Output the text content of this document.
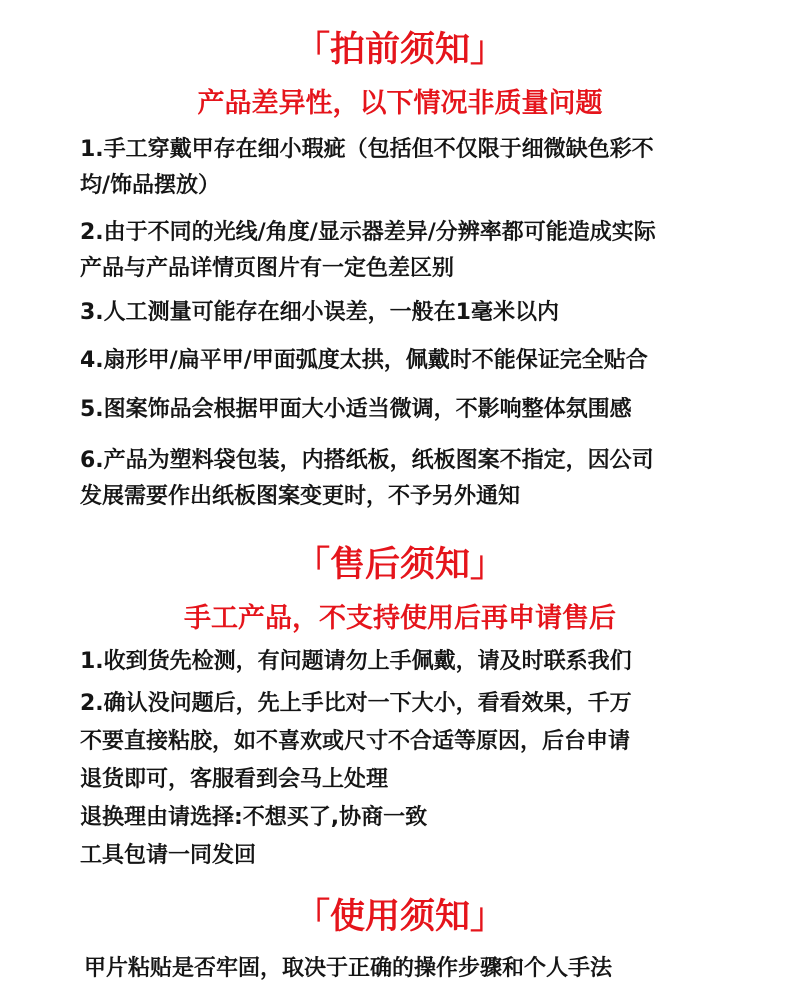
「拍前须知」
产品差异性，以下情况非质量问题

1.手工穿戴甲存在细小瑕疵（包括但不仅限于细微缺色彩不

均/饰品摆放）

2.由于不同的光线/角度/显示器差异/分辨率都可能造成实际

产品与产品详情页图片有一定色差区别

3.人工测量可能存在细小误差，一般在1毫米以内

4.扇形甲/扁平甲/甲面弧度太拱，佩戴时不能保证完全贴合

5.图案饰品会根据甲面大小适当微调，不影响整体氛围感

6.产品为塑料袋包装，内搭纸板，纸板图案不指定，因公司

发展需要作出纸板图案变更时，不予另外通知

「售后须知」
手工产品，不支持使用后再申请售后

1.收到货先检测，有问题请勿上手佩戴，请及时联系我们

2.确认没问题后，先上手比对一下大小，看看效果，千万

不要直接粘胶，如不喜欢或尺寸不合适等原因，后台申请

退货即可，客服看到会马上处理

退换理由请选择:不想买了,协商一致

工具包请一同发回

「使用须知」

甲片粘贴是否牢固，取决于正确的操作步骤和个人手法
